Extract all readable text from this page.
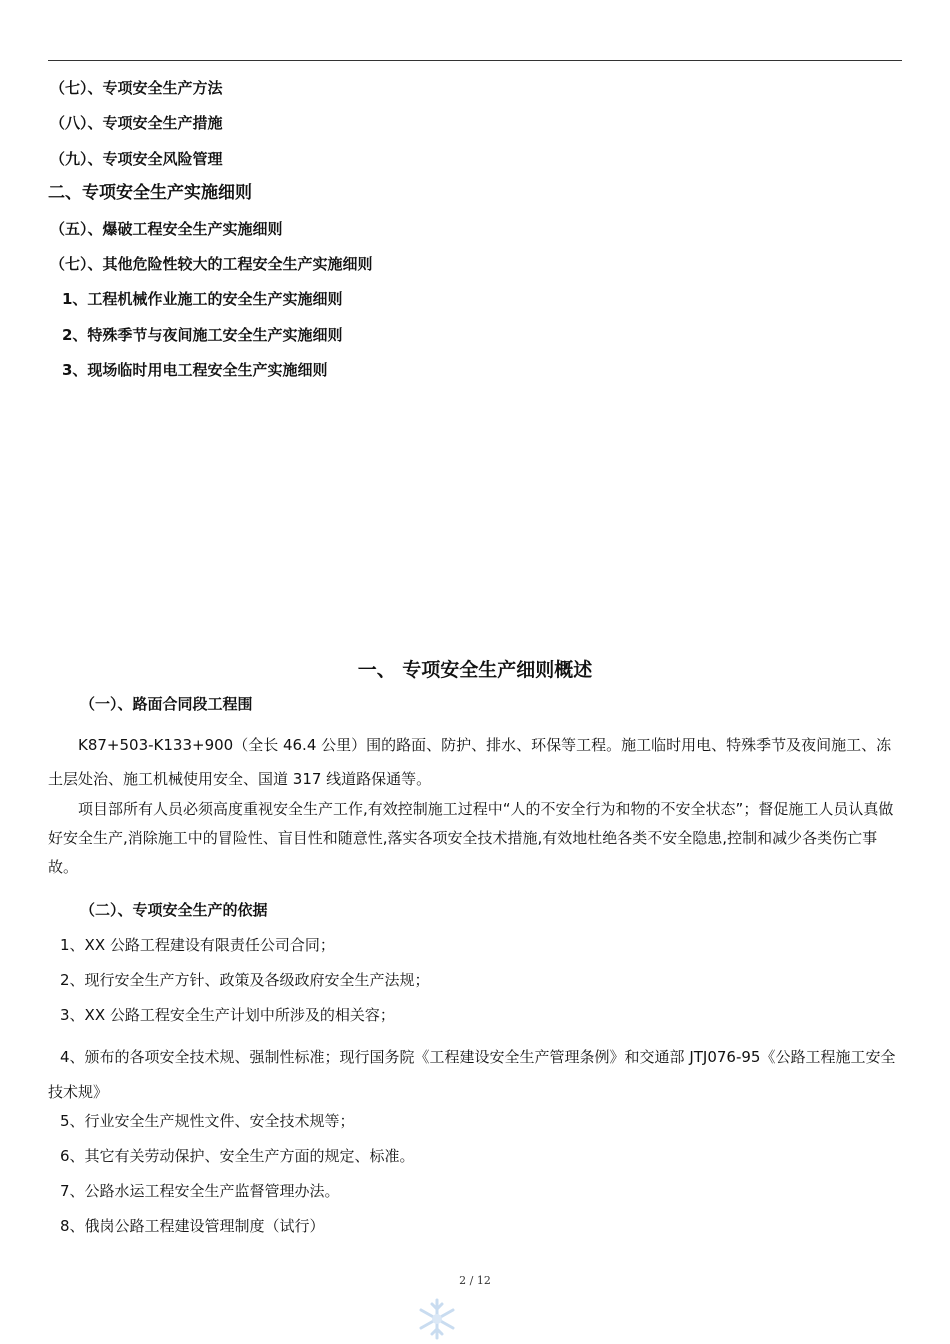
（七）、专项安全生产方法
（八）、专项安全生产措施
（九）、专项安全风险管理
二、专项安全生产实施细则
（五）、爆破工程安全生产实施细则
（七）、其他危险性较大的工程安全生产实施细则
1、工程机械作业施工的安全生产实施细则
2、特殊季节与夜间施工安全生产实施细则
3、现场临时用电工程安全生产实施细则
一、 专项安全生产细则概述
（一）、路面合同段工程围
K87+503-K133+900（全长 46.4 公里）围的路面、防护、排水、环保等工程。施工临时用电、特殊季节及夜间施工、冻土层处治、施工机械使用安全、国道 317 线道路保通等。
项目部所有人员必须高度重视安全生产工作,有效控制施工过程中“人的不安全行为和物的不安全状态”；督促施工人员认真做好安全生产,消除施工中的冒险性、盲目性和随意性,落实各项安全技术措施,有效地杜绝各类不安全隐患,控制和减少各类伤亡事故。
（二）、专项安全生产的依据
1、XX 公路工程建设有限责任公司合同；
2、现行安全生产方针、政策及各级政府安全生产法规；
3、XX 公路工程安全生产计划中所涉及的相关容；
4、颁布的各项安全技术规、强制性标准；现行国务院《工程建设安全生产管理条例》和交通部 JTJ076-95《公路工程施工安全技术规》
5、行业安全生产规性文件、安全技术规等；
6、其它有关劳动保护、安全生产方面的规定、标准。
7、公路水运工程安全生产监督管理办法。
8、俄岗公路工程建设管理制度（试行）
2 / 12
